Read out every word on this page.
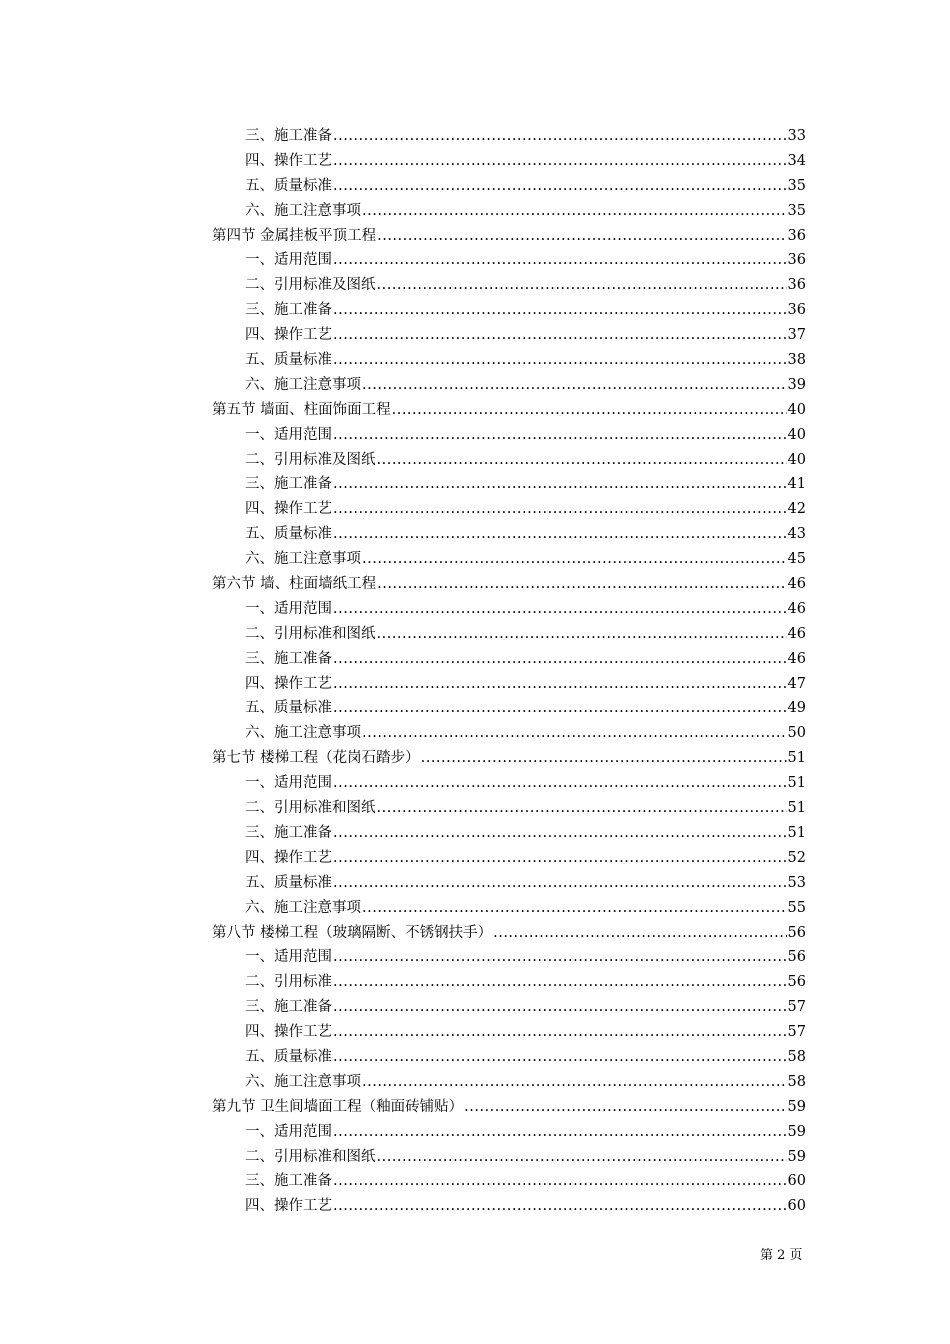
三、 施工准备 .....	33
四、 操作工艺 .....	34
五、 质量标准 .....	35
六、 施工注意事项 .....	35
第四节 金属挂板平顶工程 .....	36
一、 适用范围 .....	36
二、 引用标准及图纸 .....	36
三、 施工准备 .....	36
四、 操作工艺 .....	37
五、 质量标准 .....	38
六、 施工注意事项 .....	39
第五节 墙面、柱面饰面工程 .....	40
一、 适用范围 .....	40
二、 引用标准及图纸 .....	40
三、 施工准备 .....	41
四、 操作工艺 .....	42
五、 质量标准 .....	43
六、 施工注意事项 .....	45
第六节 墙、柱面墙纸工程 .....	46
一、 适用范围 .....	46
二、 引用标准和图纸 .....	46
三、 施工准备 .....	46
四、 操作工艺 .....	47
五、 质量标准 .....	49
六、 施工注意事项 .....	50
第七节 楼梯工程（花岗石踏步） .....	51
一、 适用范围 .....	51
二、 引用标准和图纸 .....	51
三、 施工准备 .....	51
四、 操作工艺 .....	52
五、 质量标准 .....	53
六、 施工注意事项 .....	55
第八节 楼梯工程（玻璃隔断、不锈钢扶手） .....	56
一、 适用范围 .....	56
二、 引用标准 .....	56
三、 施工准备 .....	57
四、 操作工艺 .....	57
五、 质量标准 .....	58
六、 施工注意事项 .....	58
第九节 卫生间墙面工程（釉面砖铺贴） .....	59
一、 适用范围 .....	59
二、 引用标准和图纸 .....	59
三、 施工准备 .....	60
四、 操作工艺 .....	60
第 2 页
